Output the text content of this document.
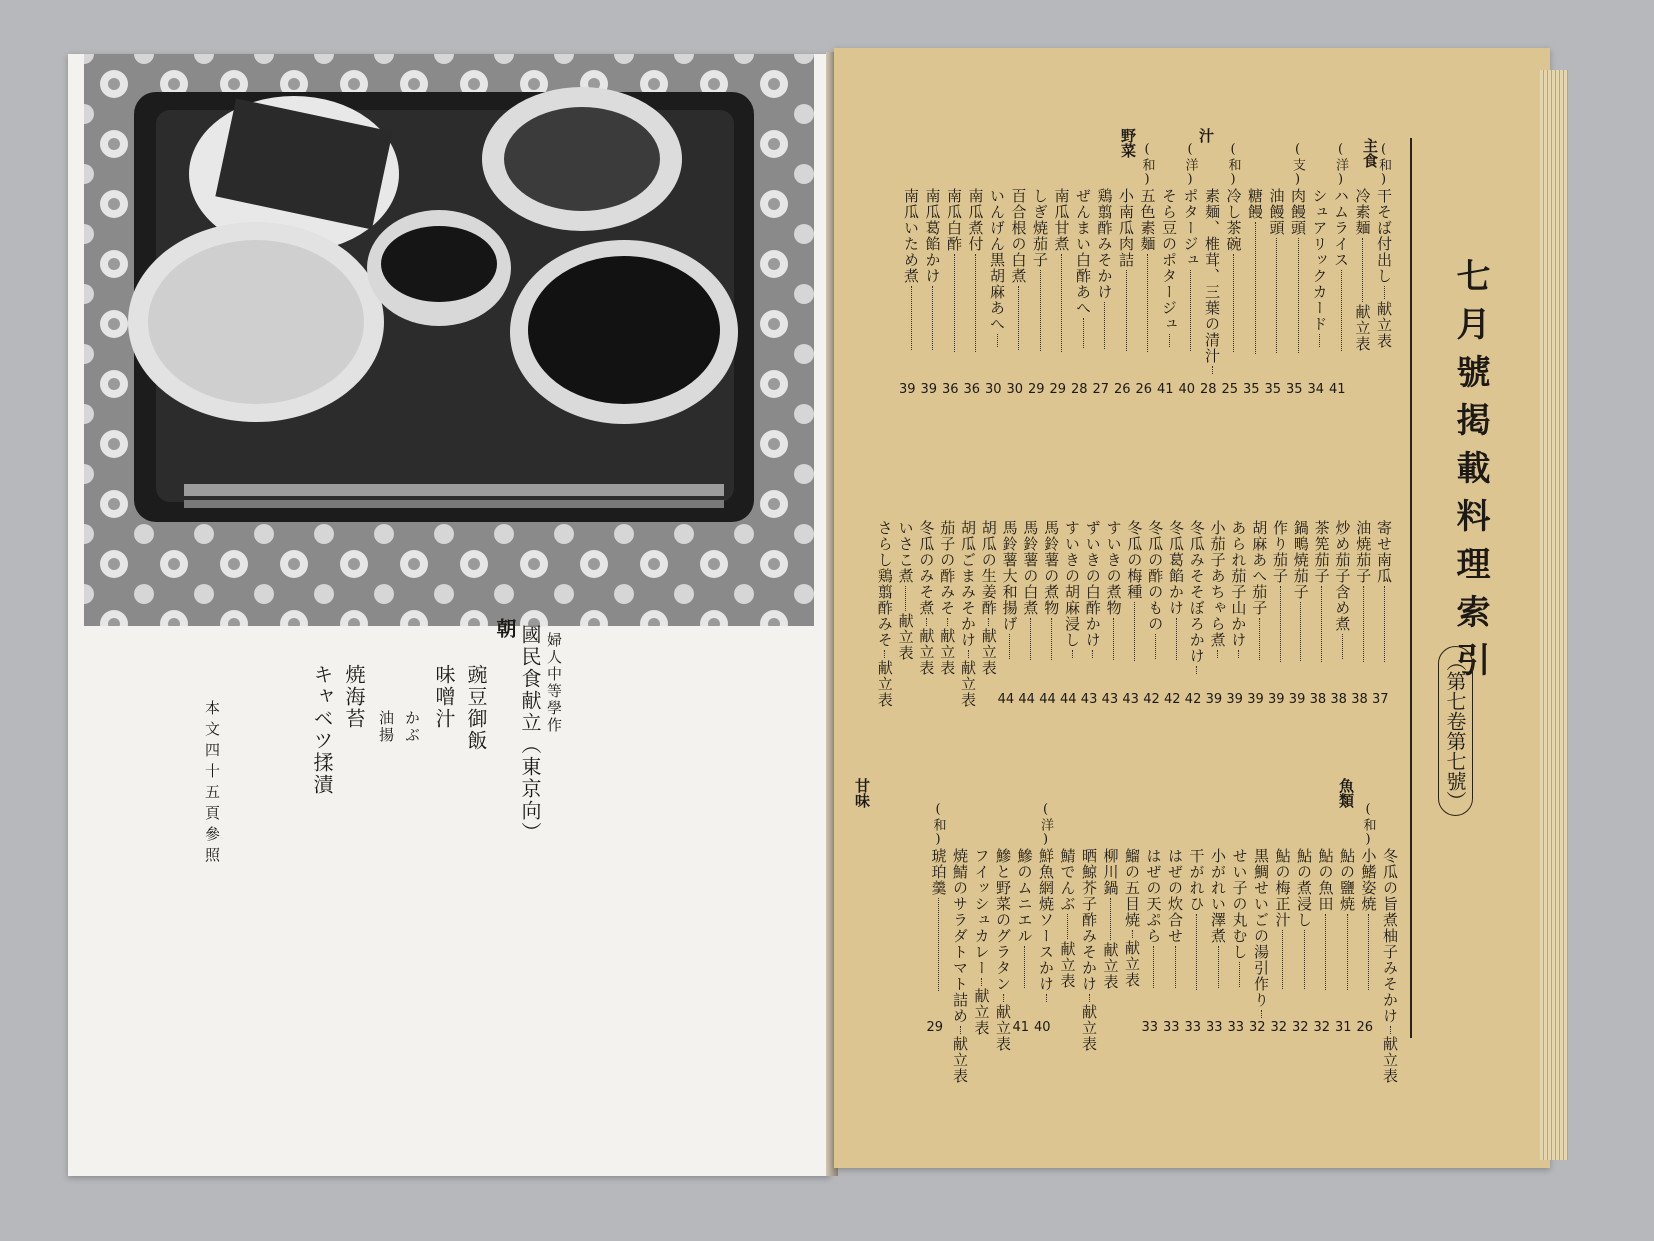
婦人中等學作
國民食献立（東京向）
朝
豌豆御飯
味噌汁
かぶ
油揚
焼海苔
キャベツ揉漬
本文四十五頁參照
七月號掲載料理索引
（第七卷第七號）
主食
汁
野菜
魚類
甘味
(和)
干そば付出し献立表
冷素麺献立表
(洋)
ハムライス
41
シュアリックカード
34
(支)
肉饅頭
35
油饅頭
35
糖饅
35
(和)
冷し茶碗
25
素麺、椎茸、三葉の清汁
28
(洋)
ポタージュ
40
そら豆のポタージュ
41
(和)
五色素麺
26
小南瓜肉詰
26
鶏翦酢みそかけ
27
ぜんまい白酢あへ
28
南瓜甘煮
29
しぎ焼茄子
29
百合根の白煮
30
いんげん黒胡麻あへ
30
南瓜煮付
36
南瓜白酢
36
南瓜葛餡かけ
39
南瓜いため煮
39
寄せ南瓜
37
油焼茄子
38
炒め茄子含め煮
38
茶筅茄子
38
鍋鴫焼茄子
39
作り茄子
39
胡麻あへ茄子
39
あられ茄子山かけ
39
小茄子あちゃら煮
39
冬瓜みそそぼろかけ
42
冬瓜葛餡かけ
42
冬瓜の酢のもの
42
冬瓜の梅種
43
すいきの煮物
43
ずいきの白酢かけ
43
すいきの胡麻浸し
44
馬鈴薯の煮物
44
馬鈴薯の白煮
44
馬鈴薯大和揚げ
44
胡瓜の生姜酢献立表
胡瓜ごまみそかけ献立表
茄子の酢みそ献立表
冬瓜のみそ煮献立表
いさこ煮献立表
さらし鶏翦酢みそ献立表
冬瓜の旨煮柚子みそかけ献立表
(和)
小鰭姿焼
26
鮎の鹽焼
31
鮎の魚田
32
鮎の煮浸し
32
鮎の梅正汁
32
黒鯛せいごの湯引作り
32
せい子の丸むし
33
小がれい澤煮
33
干がれひ
33
はぜの炊合せ
33
はぜの天ぷら
33
鰡の五目焼献立表
柳川鍋献立表
晒鯨芥子酢みそかけ献立表
鯖でんぶ献立表
(洋)
鮮魚網焼ソースかけ
40
鰺のムニエル
41
鰺と野菜のグラタン献立表
フイッシュカレー献立表
焼鯖のサラダトマト詰め献立表
(和)
琥珀羹
29
